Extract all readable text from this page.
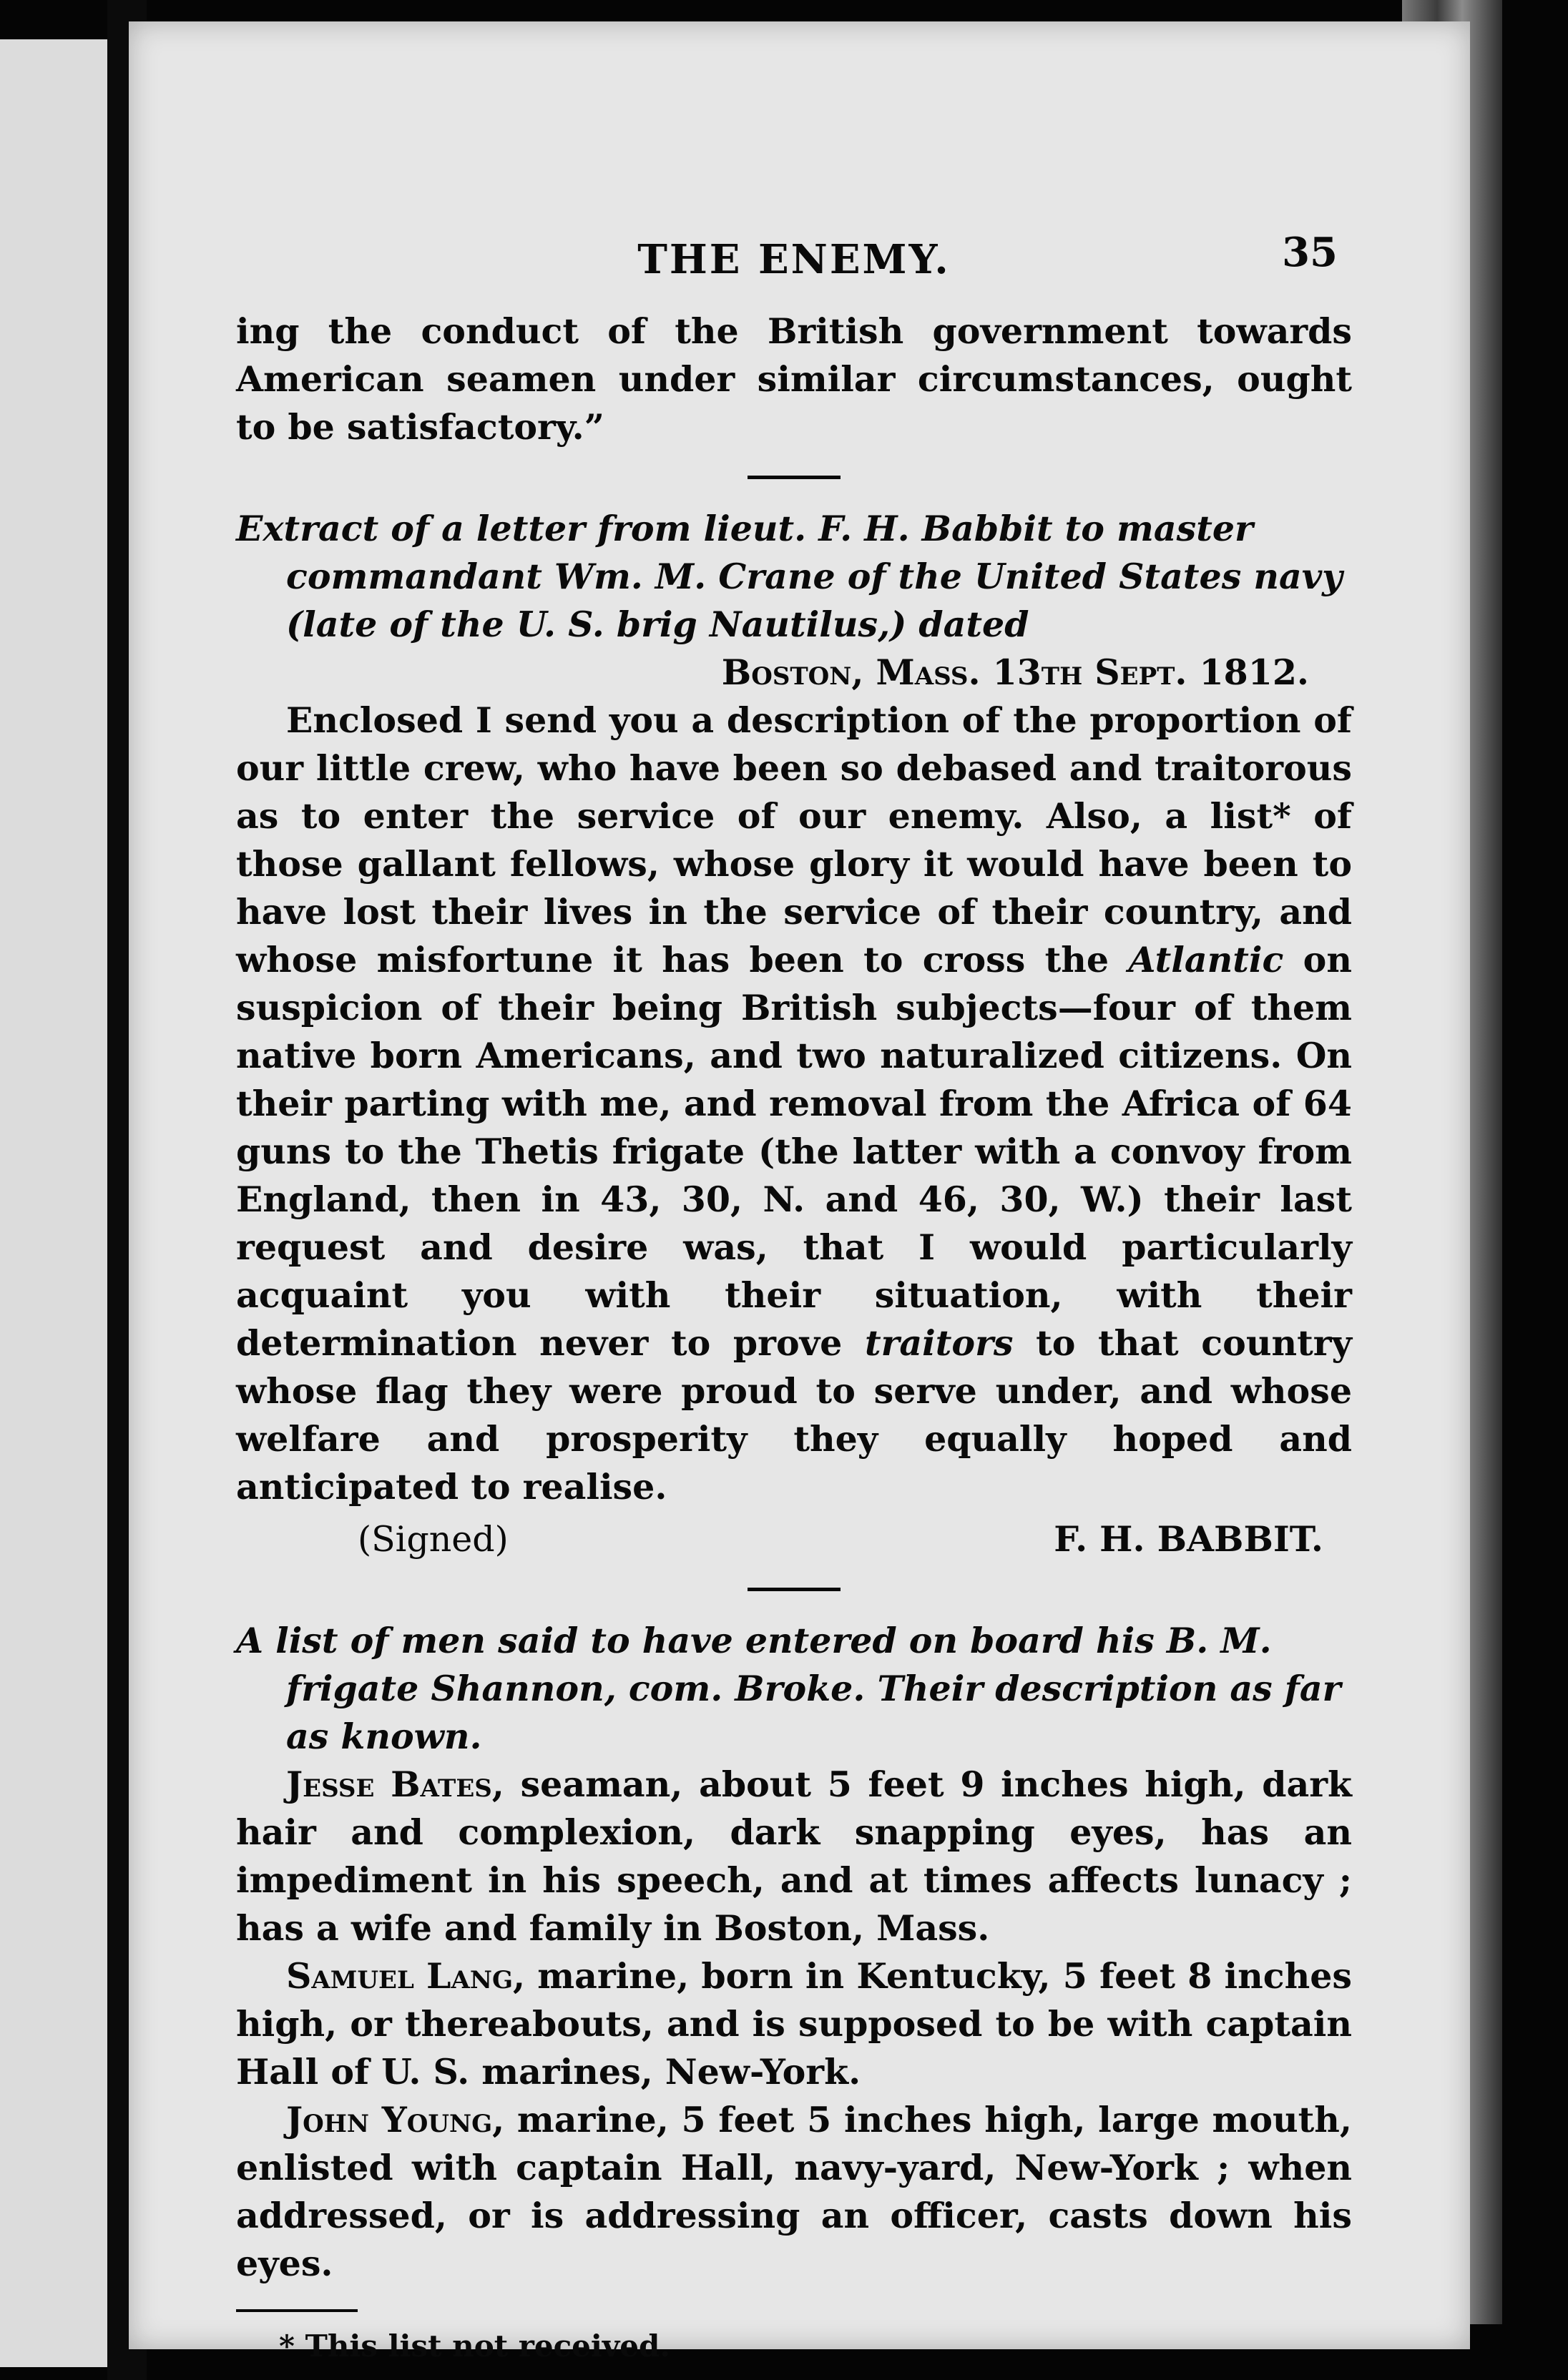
THE ENEMY.	35

ing the conduct of the British government towards American seamen under similar circumstances, ought to be satisfactory.”

Extract of a letter from lieut. F. H. Babbit to master commandant Wm. M. Crane of the United States navy (late of the U. S. brig Nautilus,) dated

Boston, Mass. 13th Sept. 1812.

Enclosed I send you a description of the proportion of our little crew, who have been so debased and traitorous as to enter the service of our enemy. Also, a list* of those gallant fellows, whose glory it would have been to have lost their lives in the service of their country, and whose misfortune it has been to cross the Atlantic on suspicion of their being British subjects—four of them native born Americans, and two naturalized citizens. On their parting with me, and removal from the Africa of 64 guns to the Thetis frigate (the latter with a convoy from England, then in 43, 30, N. and 46, 30, W.) their last request and desire was, that I would particularly acquaint you with their situation, with their determination never to prove traitors to that country whose flag they were proud to serve under, and whose welfare and prosperity they equally hoped and anticipated to realise.

(Signed)	F. H. BABBIT.

A list of men said to have entered on board his B. M. frigate Shannon, com. Broke. Their description as far as known.

Jesse Bates, seaman, about 5 feet 9 inches high, dark hair and complexion, dark snapping eyes, has an impediment in his speech, and at times affects lunacy ; has a wife and family in Boston, Mass.

Samuel Lang, marine, born in Kentucky, 5 feet 8 inches high, or thereabouts, and is supposed to be with captain Hall of U. S. marines, New-York.

John Young, marine, 5 feet 5 inches high, large mouth, enlisted with captain Hall, navy-yard, New-York ; when addressed, or is addressing an officer, casts down his eyes.

* This list not received.
